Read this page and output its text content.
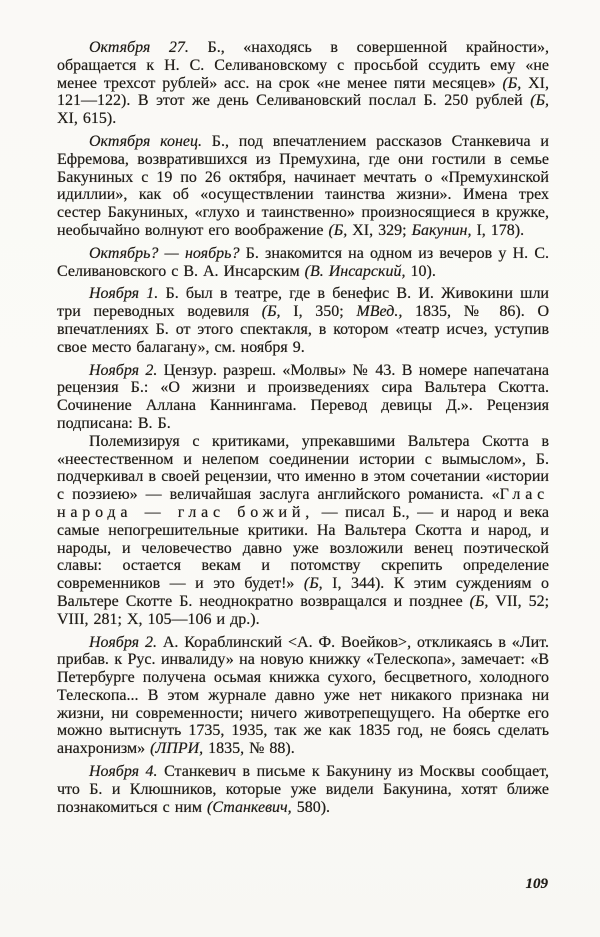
Октября 27. Б., «находясь в совершенной крайности», обращается к Н. С. Селивановскому с просьбой ссудить ему «не менее трехсот рублей» асс. на срок «не менее пяти месяцев» (Б, XI, 121—122). В этот же день Селивановский послал Б. 250 рублей (Б, XI, 615).

Октября конец. Б., под впечатлением рассказов Станкевича и Ефремова, возвратившихся из Премухина, где они гостили в семье Бакуниных с 19 по 26 октября, начинает мечтать о «Премухинской идиллии», как об «осуществлении таинства жизни». Имена трех сестер Бакуниных, «глухо и таинственно» произносящиеся в кружке, необычайно волнуют его воображение (Б, XI, 329; Бакунин, I, 178).

Октябрь? — ноябрь? Б. знакомится на одном из вечеров у Н. С. Селивановского с В. А. Инсарским (В. Инсарский, 10).

Ноября 1. Б. был в театре, где в бенефис В. И. Живокини шли три переводных водевиля (Б, I, 350; МВед., 1835, № 86). О впечатлениях Б. от этого спектакля, в котором «театр исчез, уступив свое место балагану», см. ноября 9.

Ноября 2. Цензур. разреш. «Молвы» № 43. В номере напечатана рецензия Б.: «О жизни и произведениях сира Вальтера Скотта. Сочинение Аллана Каннингама. Перевод девицы Д.». Рецензия подписана: В. Б.

Полемизируя с критиками, упрекавшими Вальтера Скотта в «неестественном и нелепом соединении истории с вымыслом», Б. подчеркивал в своей рецензии, что именно в этом сочетании «истории с поэзиею» — величайшая заслуга английского романиста. «Глас народа — глас божий, — писал Б., — и народ и века самые непогрешительные критики. На Вальтера Скотта и народ, и народы, и человечество давно уже возложили венец поэтической славы: остается векам и потомству скрепить определение современников — и это будет!» (Б, I, 344). К этим суждениям о Вальтере Скотте Б. неоднократно возвращался и позднее (Б, VII, 52; VIII, 281; X, 105—106 и др.).

Ноября 2. А. Кораблинский <А. Ф. Воейков>, откликаясь в «Лит. прибав. к Рус. инвалиду» на новую книжку «Телескопа», замечает: «В Петербурге получена осьмая книжка сухого, бесцветного, холодного Телескопа... В этом журнале давно уже нет никакого признака ни жизни, ни современности; ничего животрепещущего. На обертке его можно вытиснуть 1735, 1935, так же как 1835 год, не боясь сделать анахронизм» (ЛПРИ, 1835, № 88).

Ноября 4. Станкевич в письме к Бакунину из Москвы сообщает, что Б. и Клюшников, которые уже видели Бакунина, хотят ближе познакомиться с ним (Станкевич, 580).

109
